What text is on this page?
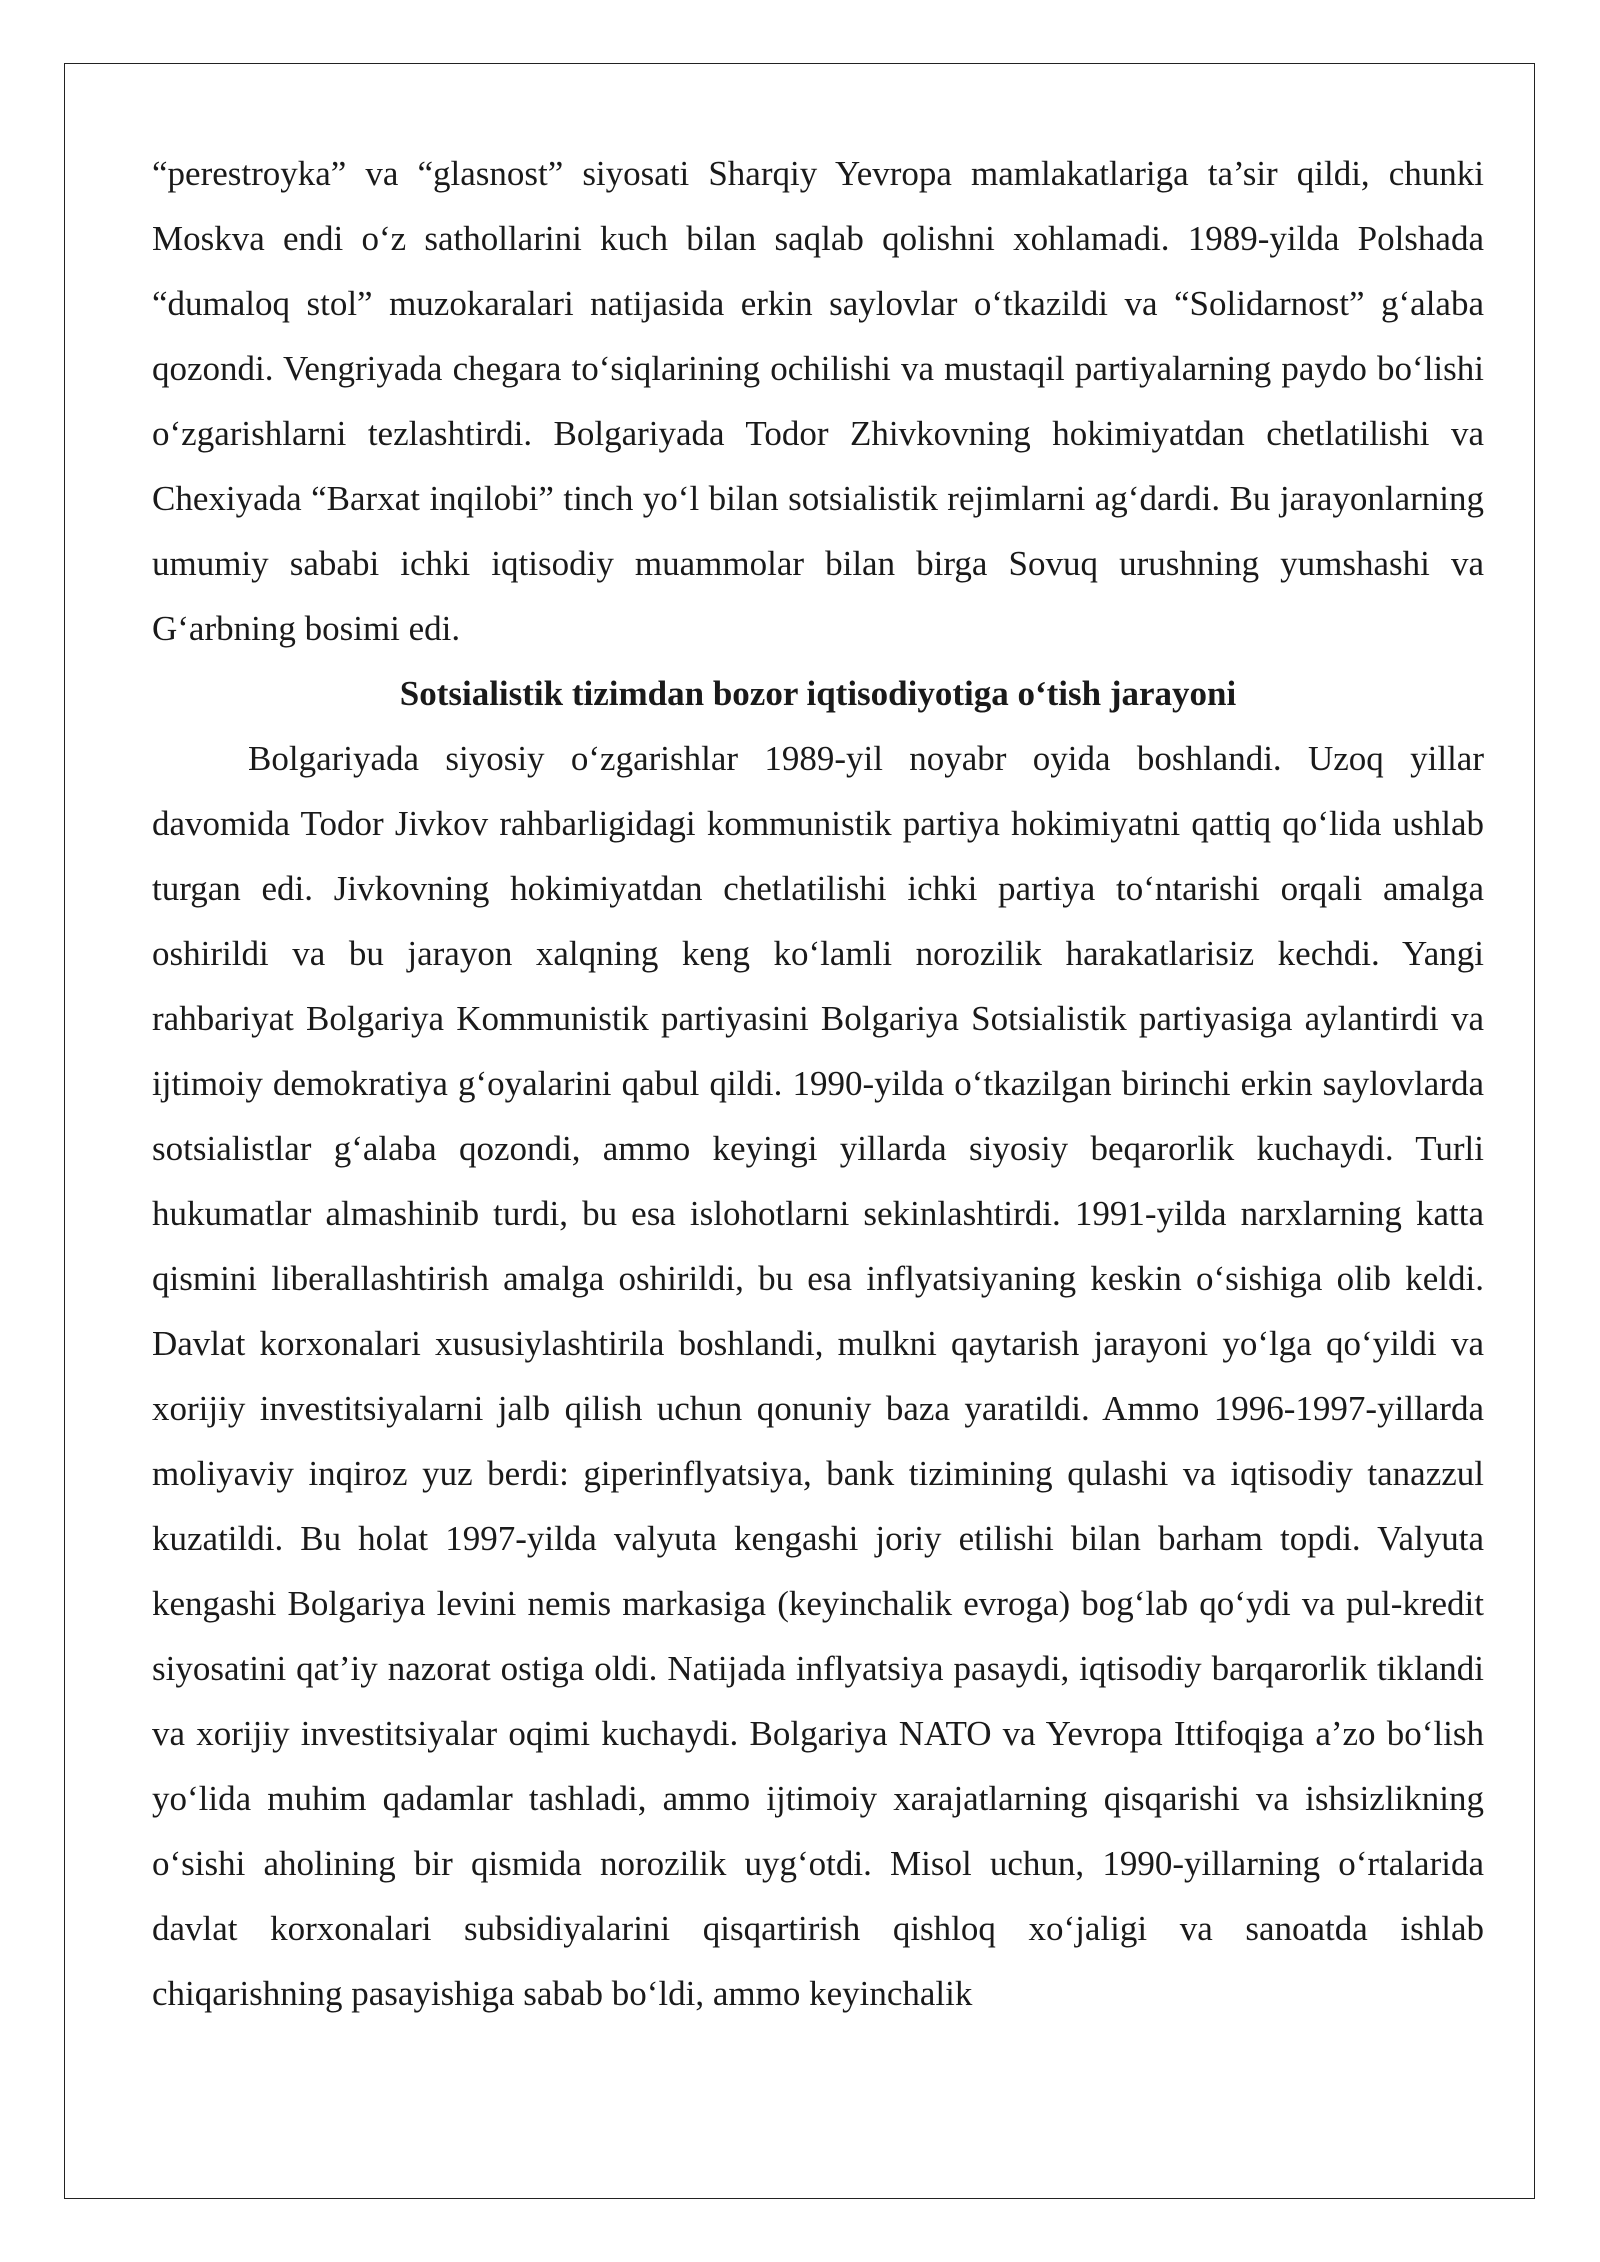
“perestroyka” va “glasnost” siyosati Sharqiy Yevropa mamlakatlariga ta’sir qildi, chunki Moskva endi o‘z sathollarini kuch bilan saqlab qolishni xohlamadi. 1989-yilda Polshada “dumaloq stol” muzokaralari natijasida erkin saylovlar o‘tkazildi va “Solidarnost” g‘alaba qozondi. Vengriyada chegara to‘siqlarining ochilishi va mustaqil partiyalarning paydo bo‘lishi o‘zgarishlarni tezlashtirdi. Bolgariyada Todor Zhivkovning hokimiyatdan chetlatilishi va Chexiyada “Barxat inqilobi” tinch yo‘l bilan sotsialistik rejimlarni ag‘dardi. Bu jarayonlarning umumiy sababi ichki iqtisodiy muammolar bilan birga Sovuq urushning yumshashi va G‘arbning bosimi edi.

Sotsialistik tizimdan bozor iqtisodiyotiga o‘tish jarayoni

Bolgariyada siyosiy o‘zgarishlar 1989-yil noyabr oyida boshlandi. Uzoq yillar davomida Todor Jivkov rahbarligidagi kommunistik partiya hokimiyatni qattiq qo‘lida ushlab turgan edi. Jivkovning hokimiyatdan chetlatilishi ichki partiya to‘ntarishi orqali amalga oshirildi va bu jarayon xalqning keng ko‘lamli norozilik harakatlarisiz kechdi. Yangi rahbariyat Bolgariya Kommunistik partiyasini Bolgariya Sotsialistik partiyasiga aylantirdi va ijtimoiy demokratiya g‘oyalarini qabul qildi. 1990-yilda o‘tkazilgan birinchi erkin saylovlarda sotsialistlar g‘alaba qozondi, ammo keyingi yillarda siyosiy beqarorlik kuchaydi. Turli hukumatlar almashinib turdi, bu esa islohotlarni sekinlashtirdi. 1991-yilda narxlarning katta qismini liberallashtirish amalga oshirildi, bu esa inflyatsiyaning keskin o‘sishiga olib keldi. Davlat korxonalari xususiylashtirila boshlandi, mulkni qaytarish jarayoni yo‘lga qo‘yildi va xorijiy investitsiyalarni jalb qilish uchun qonuniy baza yaratildi. Ammo 1996-1997-yillarda moliyaviy inqiroz yuz berdi: giperinflyatsiya, bank tizimining qulashi va iqtisodiy tanazzul kuzatildi. Bu holat 1997-yilda valyuta kengashi joriy etilishi bilan barham topdi. Valyuta kengashi Bolgariya levini nemis markasiga (keyinchalik evroga) bog‘lab qo‘ydi va pul-kredit siyosatini qat’iy nazorat ostiga oldi. Natijada inflyatsiya pasaydi, iqtisodiy barqarorlik tiklandi va xorijiy investitsiyalar oqimi kuchaydi. Bolgariya NATO va Yevropa Ittifoqiga a’zo bo‘lish yo‘lida muhim qadamlar tashladi, ammo ijtimoiy xarajatlarning qisqarishi va ishsizlikning o‘sishi aholining bir qismida norozilik uyg‘otdi. Misol uchun, 1990-yillarning o‘rtalarida davlat korxonalari subsidiyalarini qisqartirish qishloq xo‘jaligi va sanoatda ishlab chiqarishning pasayishiga sabab bo‘ldi, ammo keyinchalik
